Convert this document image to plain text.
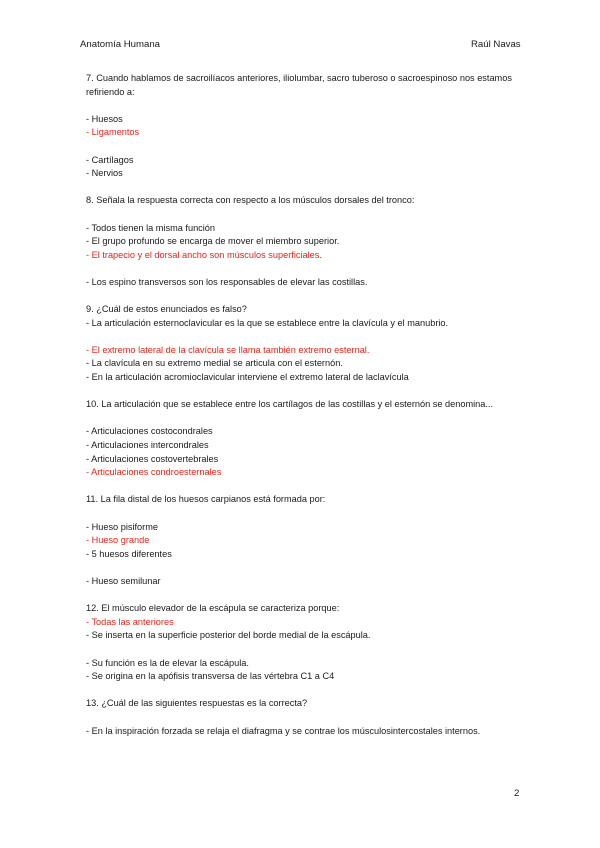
Anatomía Humana	Raúl Navas
7. Cuando hablamos de sacroilíacos anteriores, iliolumbar, sacro tuberoso o sacroespinoso nos estamos refiriendo a:
- Huesos
- Ligamentos
- Cartílagos
- Nervios
8. Señala la respuesta correcta con respecto a los músculos dorsales del tronco:
- Todos tienen la misma función
- El grupo profundo se encarga de mover el miembro superior.
- El trapecio y el dorsal ancho son músculos superficiales.
- Los espino transversos son los responsables de elevar las costillas.
9. ¿Cuál de estos enunciados es falso?
- La articulación esternoclavicular es la que se establece entre la clavícula y el manubrio.
- El extremo lateral de la clavícula se llama también extremo esternal.
- La clavícula en su extremo medial se articula con el esternón.
- En la articulación acromioclavicular interviene el extremo lateral de laclavícula
10. La articulación que se establece entre los cartílagos de las costillas y el esternón se denomina...
- Articulaciones costocondrales
- Articulaciones intercondrales
- Articulaciones costovertebrales
- Articulaciones condroesternales
11. La fila distal de los huesos carpianos está formada por:
- Hueso pisiforme
- Hueso grande
- 5 huesos diferentes
- Hueso semilunar
12. El músculo elevador de la escápula se caracteriza porque:
- Todas las anteriores
- Se inserta en la superficie posterior del borde medial de la escápula.
- Su función es la de elevar la escápula.
- Se origina en la apófisis transversa de las vértebra C1 a C4
13. ¿Cuál de las siguientes respuestas es la correcta?
- En la inspiración forzada se relaja el diafragma y se contrae los músculosintercostales internos.
2
